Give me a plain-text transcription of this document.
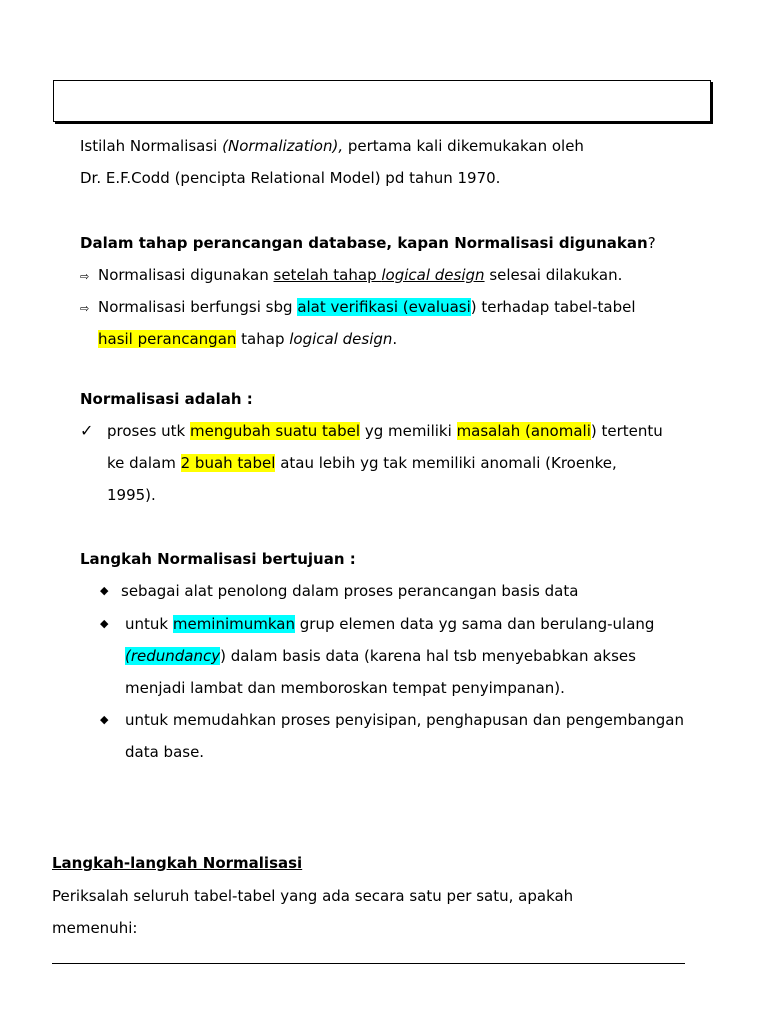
Istilah Normalisasi (Normalization), pertama kali dikemukakan oleh
Dr. E.F.Codd (pencipta Relational Model) pd tahun 1970.
Dalam tahap perancangan database, kapan Normalisasi digunakan?
⇨ Normalisasi digunakan setelah tahap logical design selesai dilakukan.
⇨ Normalisasi berfungsi sbg alat verifikasi (evaluasi) terhadap tabel-tabel
hasil perancangan tahap logical design.
Normalisasi adalah :
✓ proses utk mengubah suatu tabel yg memiliki masalah (anomali) tertentu
ke dalam 2 buah tabel atau lebih yg tak memiliki anomali (Kroenke,
1995).
Langkah Normalisasi bertujuan :
◆ sebagai alat penolong dalam proses perancangan basis data
◆ untuk meminimumkan grup elemen data yg sama dan berulang-ulang
(redundancy) dalam basis data (karena hal tsb menyebabkan akses
menjadi lambat dan memboroskan tempat penyimpanan).
◆ untuk memudahkan proses penyisipan, penghapusan dan pengembangan
data base.
Langkah-langkah Normalisasi
Periksalah seluruh tabel-tabel yang ada secara satu per satu, apakah
memenuhi:
